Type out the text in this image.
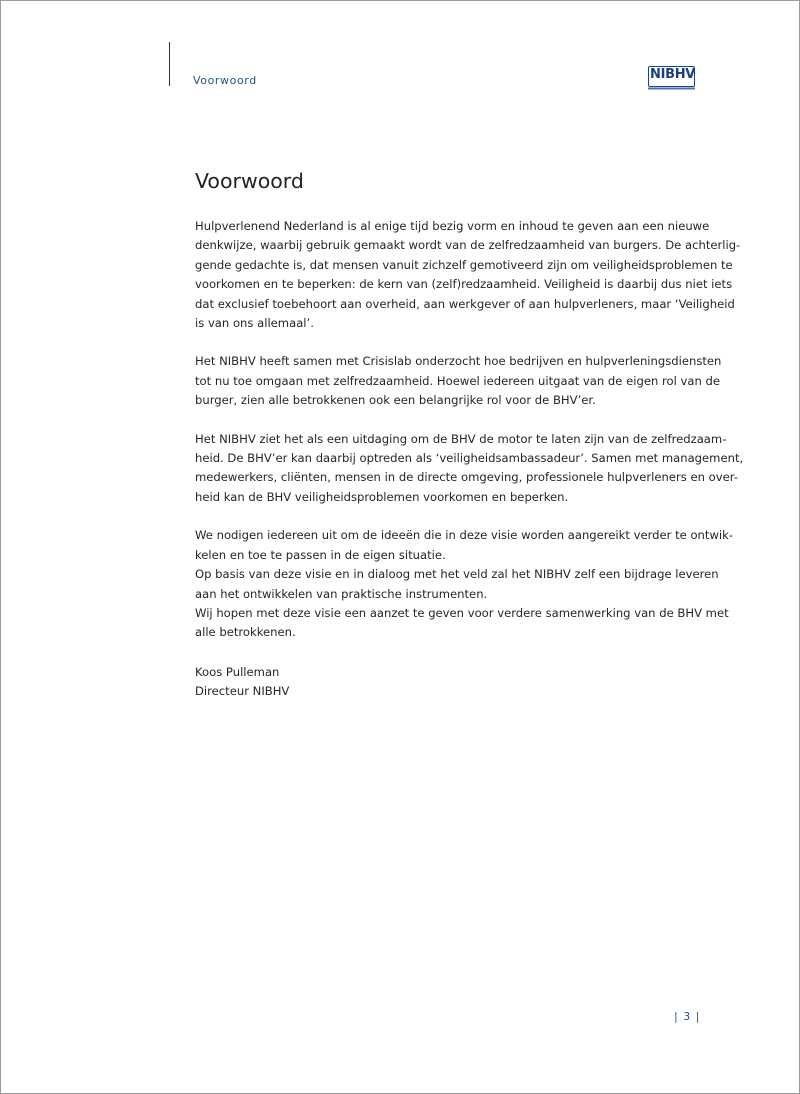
Voorwoord	NIBHV
Voorwoord

Hulpverlenend Nederland is al enige tijd bezig vorm en inhoud te geven aan een nieuwe
denkwijze, waarbij gebruik gemaakt wordt van de zelfredzaamheid van burgers. De achterlig-
gende gedachte is, dat mensen vanuit zichzelf gemotiveerd zijn om veiligheidsproblemen te
voorkomen en te beperken: de kern van (zelf)redzaamheid. Veiligheid is daarbij dus niet iets
dat exclusief toebehoort aan overheid, aan werkgever of aan hulpverleners, maar ‘Veiligheid
is van ons allemaal’.

Het NIBHV heeft samen met Crisislab onderzocht hoe bedrijven en hulpverleningsdiensten
tot nu toe omgaan met zelfredzaamheid. Hoewel iedereen uitgaat van de eigen rol van de
burger, zien alle betrokkenen ook een belangrijke rol voor de BHV’er.

Het NIBHV ziet het als een uitdaging om de BHV de motor te laten zijn van de zelfredzaam-
heid. De BHV’er kan daarbij optreden als ‘veiligheidsambassadeur’. Samen met management,
medewerkers, cliënten, mensen in de directe omgeving, professionele hulpverleners en over-
heid kan de BHV veiligheidsproblemen voorkomen en beperken.

We nodigen iedereen uit om de ideeën die in deze visie worden aangereikt verder te ontwik-
kelen en toe te passen in de eigen situatie.
Op basis van deze visie en in dialoog met het veld zal het NIBHV zelf een bijdrage leveren
aan het ontwikkelen van praktische instrumenten.
Wij hopen met deze visie een aanzet te geven voor verdere samenwerking van de BHV met
alle betrokkenen.

Koos Pulleman
Directeur NIBHV
| 3 |
